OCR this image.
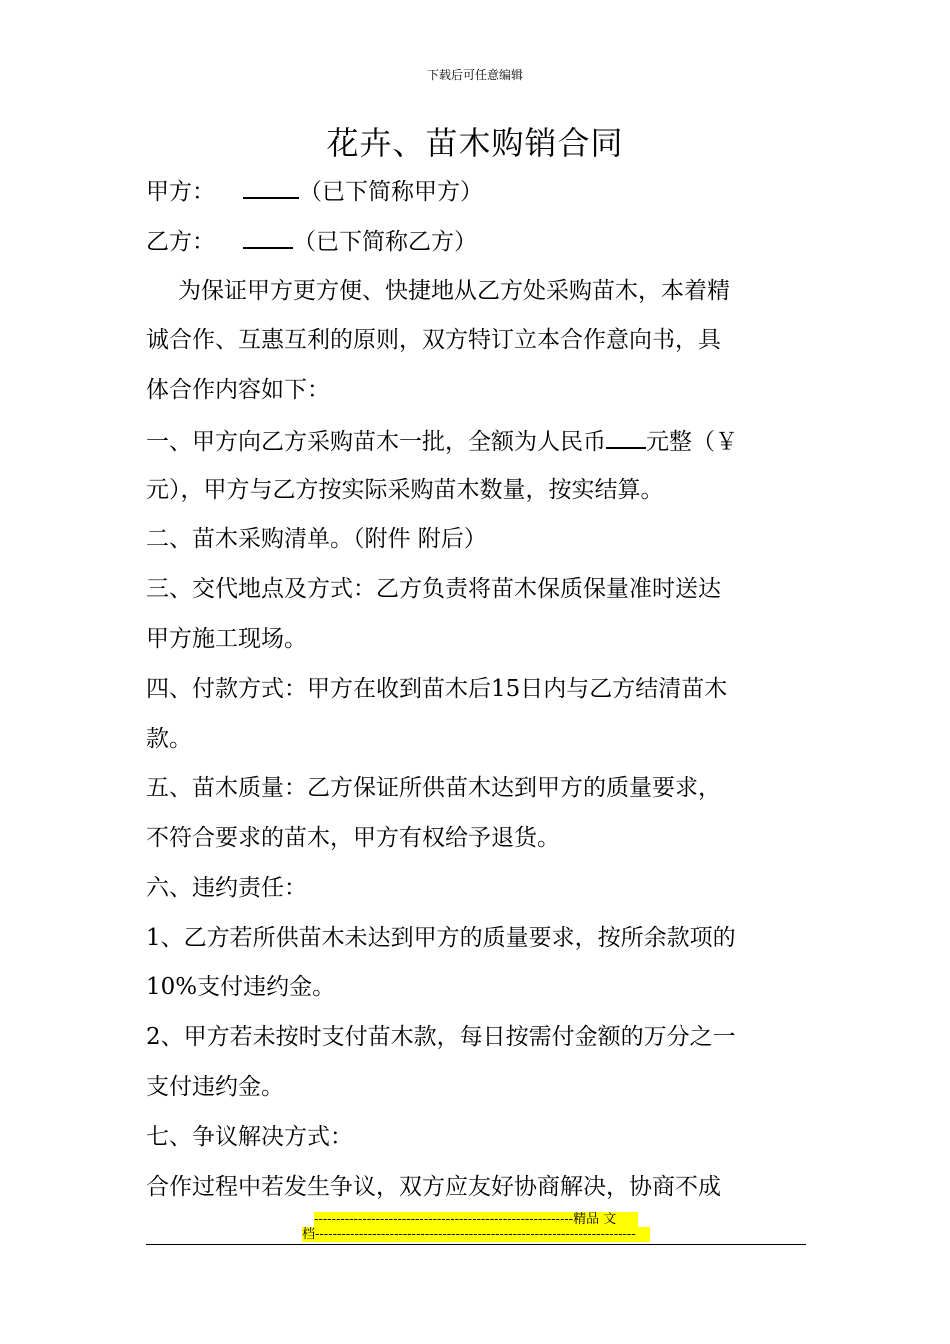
下载后可任意编辑
花卉、苗木购销合同
甲方：	（已下简称甲方）
乙方：	（已下简称乙方）
为保证甲方更方便、快捷地从乙方处采购苗木，本着精
诚合作、互惠互利的原则，双方特订立本合作意向书，具
体合作内容如下：
一、甲方向乙方采购苗木一批，全额为人民币 元整（￥
元），甲方与乙方按实际采购苗木数量，按实结算。
二、苗木采购清单。（附件 附后）
三、交代地点及方式：乙方负责将苗木保质保量准时送达
甲方施工现场。
四、付款方式：甲方在收到苗木后15日内与乙方结清苗木
款。
五、苗木质量：乙方保证所供苗木达到甲方的质量要求，
不符合要求的苗木，甲方有权给予退货。
六、违约责任：
1、乙方若所供苗木未达到甲方的质量要求，按所余款项的
10%支付违约金。
2、甲方若未按时支付苗木款，每日按需付金额的万分之一
支付违约金。
七、争议解决方式：
合作过程中若发生争议，双方应友好协商解决，协商不成
-----------------------------------------------------------精品 文
档-------------------------------------------------------------------------
